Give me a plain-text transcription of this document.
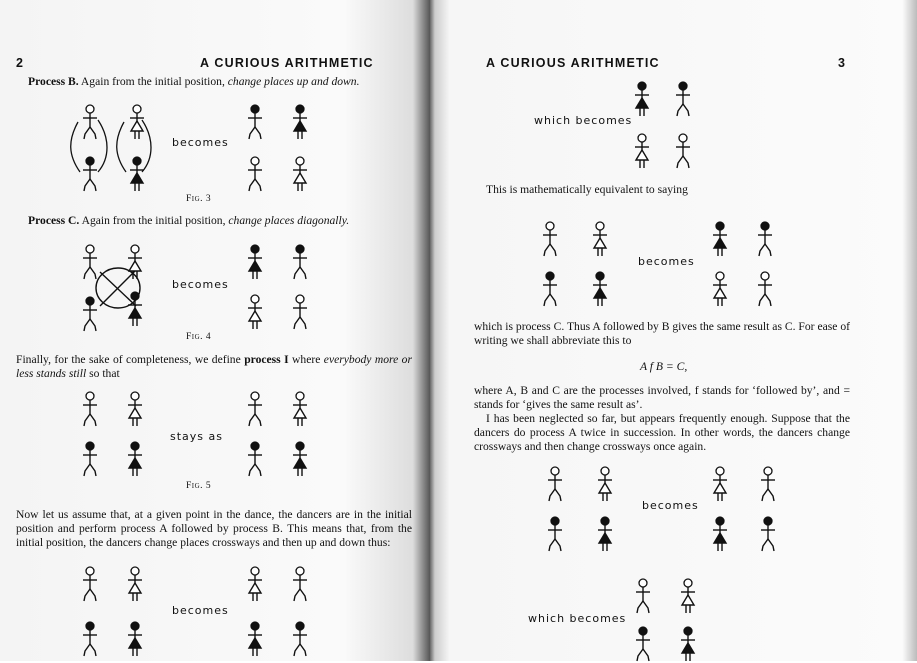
2	A CURIOUS ARITHMETIC
Process B. Again from the initial position, change places up and down.
becomes
Fig. 3
Process C. Again from the initial position, change places diagonally.
becomes
Fig. 4
Finally, for the sake of completeness, we define process I where everybody more or less stands still so that
stays as
Fig. 5
Now let us assume that, at a given point in the dance, the dancers are in the initial position and perform process A followed by process B. This means that, from the initial position, the dancers change places crossways and then up and down thus:
becomes
A CURIOUS ARITHMETIC	3
which becomes
This is mathematically equivalent to saying
becomes
which is process C. Thus A followed by B gives the same result as C. For ease of writing we shall abbreviate this to
A f B = C,
where A, B and C are the processes involved, f stands for ‘followed by’, and = stands for ‘gives the same result as’.
I has been neglected so far, but appears frequently enough. Suppose that the dancers do process A twice in succession. In other words, the dancers change crossways and then change crossways once again.
becomes
which becomes
